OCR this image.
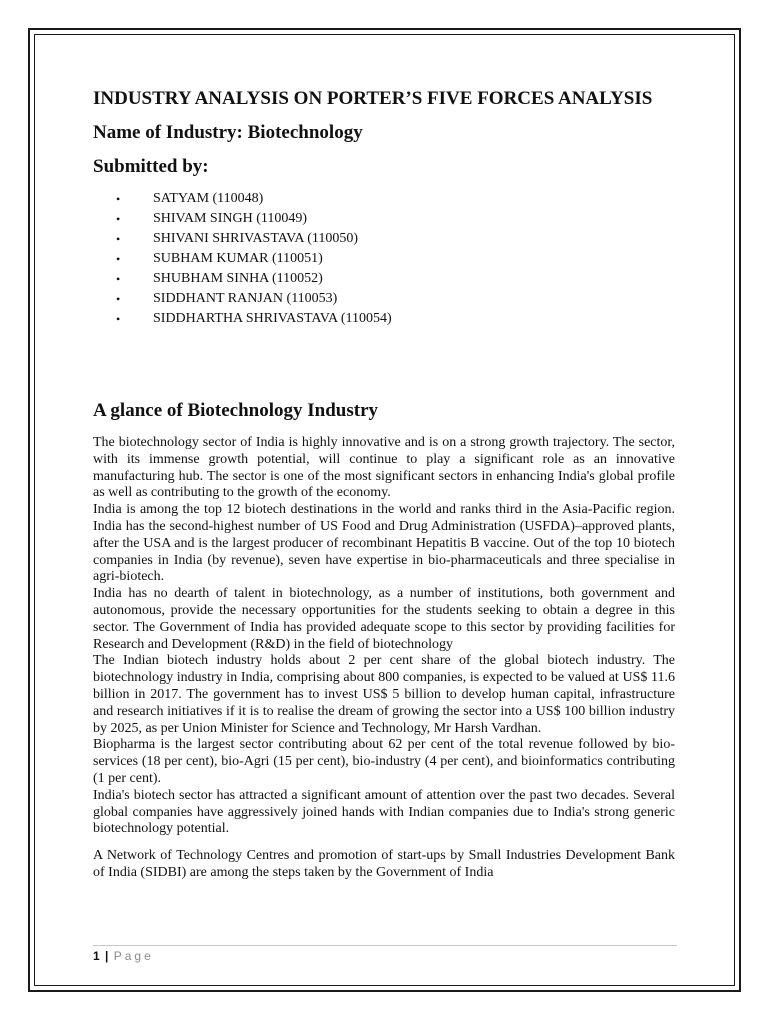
INDUSTRY ANALYSIS ON PORTER’S FIVE FORCES ANALYSIS
Name of Industry: Biotechnology
Submitted by:
• SATYAM (110048)
• SHIVAM SINGH (110049)
• SHIVANI SHRIVASTAVA (110050)
• SUBHAM KUMAR (110051)
• SHUBHAM SINHA (110052)
• SIDDHANT RANJAN (110053)
• SIDDHARTHA SHRIVASTAVA (110054)
A glance of Biotechnology Industry

The biotechnology sector of India is highly innovative and is on a strong growth trajectory. The sector, with its immense growth potential, will continue to play a significant role as an innovative manufacturing hub. The sector is one of the most significant sectors in enhancing India's global profile as well as contributing to the growth of the economy.

India is among the top 12 biotech destinations in the world and ranks third in the Asia-Pacific region. India has the second-highest number of US Food and Drug Administration (USFDA)–approved plants, after the USA and is the largest producer of recombinant Hepatitis B vaccine. Out of the top 10 biotech companies in India (by revenue), seven have expertise in bio-pharmaceuticals and three specialise in agri-biotech.

India has no dearth of talent in biotechnology, as a number of institutions, both government and autonomous, provide the necessary opportunities for the students seeking to obtain a degree in this sector. The Government of India has provided adequate scope to this sector by providing facilities for Research and Development (R&D) in the field of biotechnology

The Indian biotech industry holds about 2 per cent share of the global biotech industry. The biotechnology industry in India, comprising about 800 companies, is expected to be valued at US$ 11.6 billion in 2017. The government has to invest US$ 5 billion to develop human capital, infrastructure and research initiatives if it is to realise the dream of growing the sector into a US$ 100 billion industry by 2025, as per Union Minister for Science and Technology, Mr Harsh Vardhan.

Biopharma is the largest sector contributing about 62 per cent of the total revenue followed by bio-services (18 per cent), bio-Agri (15 per cent), bio-industry (4 per cent), and bioinformatics contributing (1 per cent).

India's biotech sector has attracted a significant amount of attention over the past two decades. Several global companies have aggressively joined hands with Indian companies due to India's strong generic biotechnology potential.

A Network of Technology Centres and promotion of start-ups by Small Industries Development Bank of India (SIDBI) are among the steps taken by the Government of India

1 | Page
